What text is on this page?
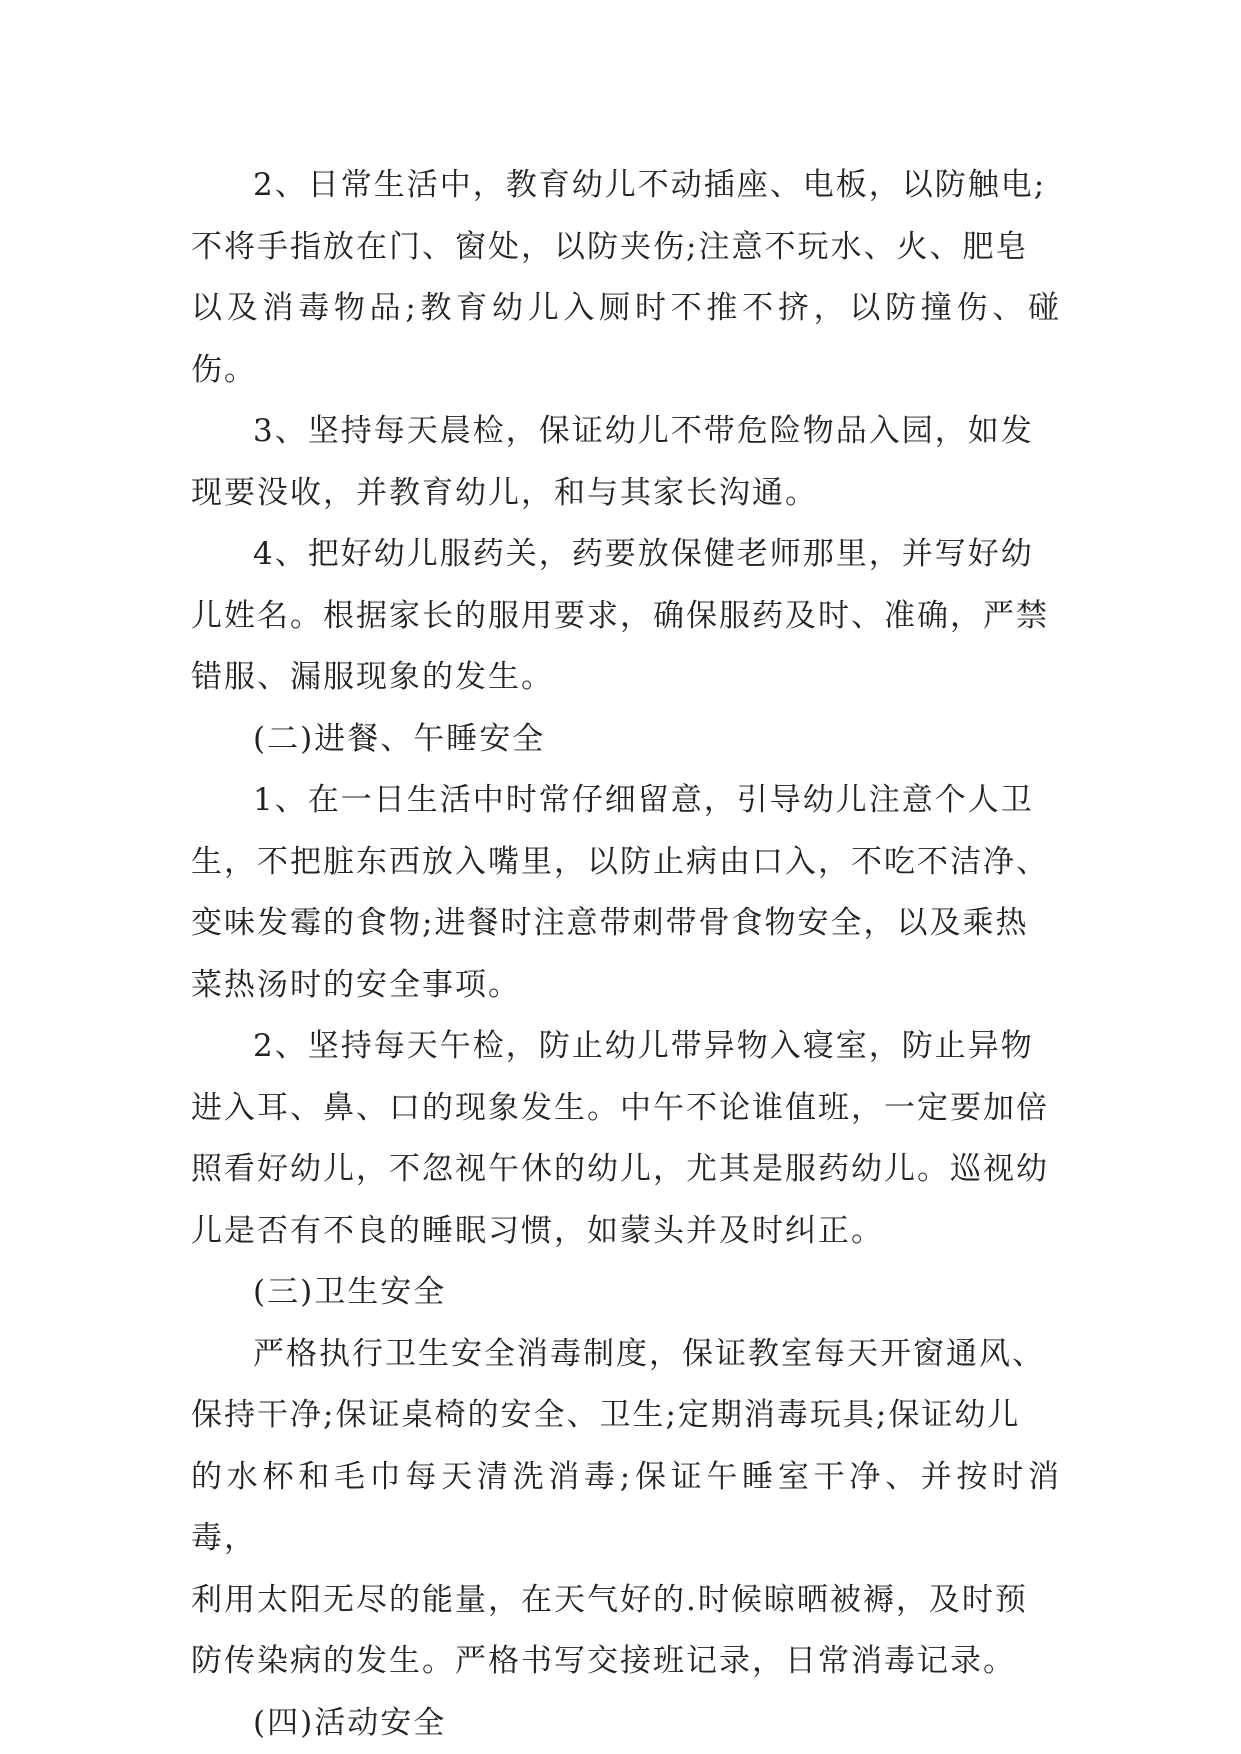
2、日常生活中，教育幼儿不动插座、电板，以防触电;
不将手指放在门、窗处，以防夹伤;注意不玩水、火、肥皂
以及消毒物品;教育幼儿入厕时不推不挤，以防撞伤、碰伤。

3、坚持每天晨检，保证幼儿不带危险物品入园，如发
现要没收，并教育幼儿，和与其家长沟通。

4、把好幼儿服药关，药要放保健老师那里，并写好幼
儿姓名。根据家长的服用要求，确保服药及时、准确，严禁
错服、漏服现象的发生。

(二)进餐、午睡安全

1、在一日生活中时常仔细留意，引导幼儿注意个人卫
生，不把脏东西放入嘴里，以防止病由口入，不吃不洁净、
变味发霉的食物;进餐时注意带刺带骨食物安全，以及乘热
菜热汤时的安全事项。

2、坚持每天午检，防止幼儿带异物入寝室，防止异物
进入耳、鼻、口的现象发生。中午不论谁值班，一定要加倍
照看好幼儿，不忽视午休的幼儿，尤其是服药幼儿。巡视幼
儿是否有不良的睡眠习惯，如蒙头并及时纠正。

(三)卫生安全

严格执行卫生安全消毒制度，保证教室每天开窗通风、
保持干净;保证桌椅的安全、卫生;定期消毒玩具;保证幼儿
的水杯和毛巾每天清洗消毒;保证午睡室干净、并按时消毒，
利用太阳无尽的能量，在天气好的.时候晾晒被褥，及时预
防传染病的发生。严格书写交接班记录，日常消毒记录。

(四)活动安全
